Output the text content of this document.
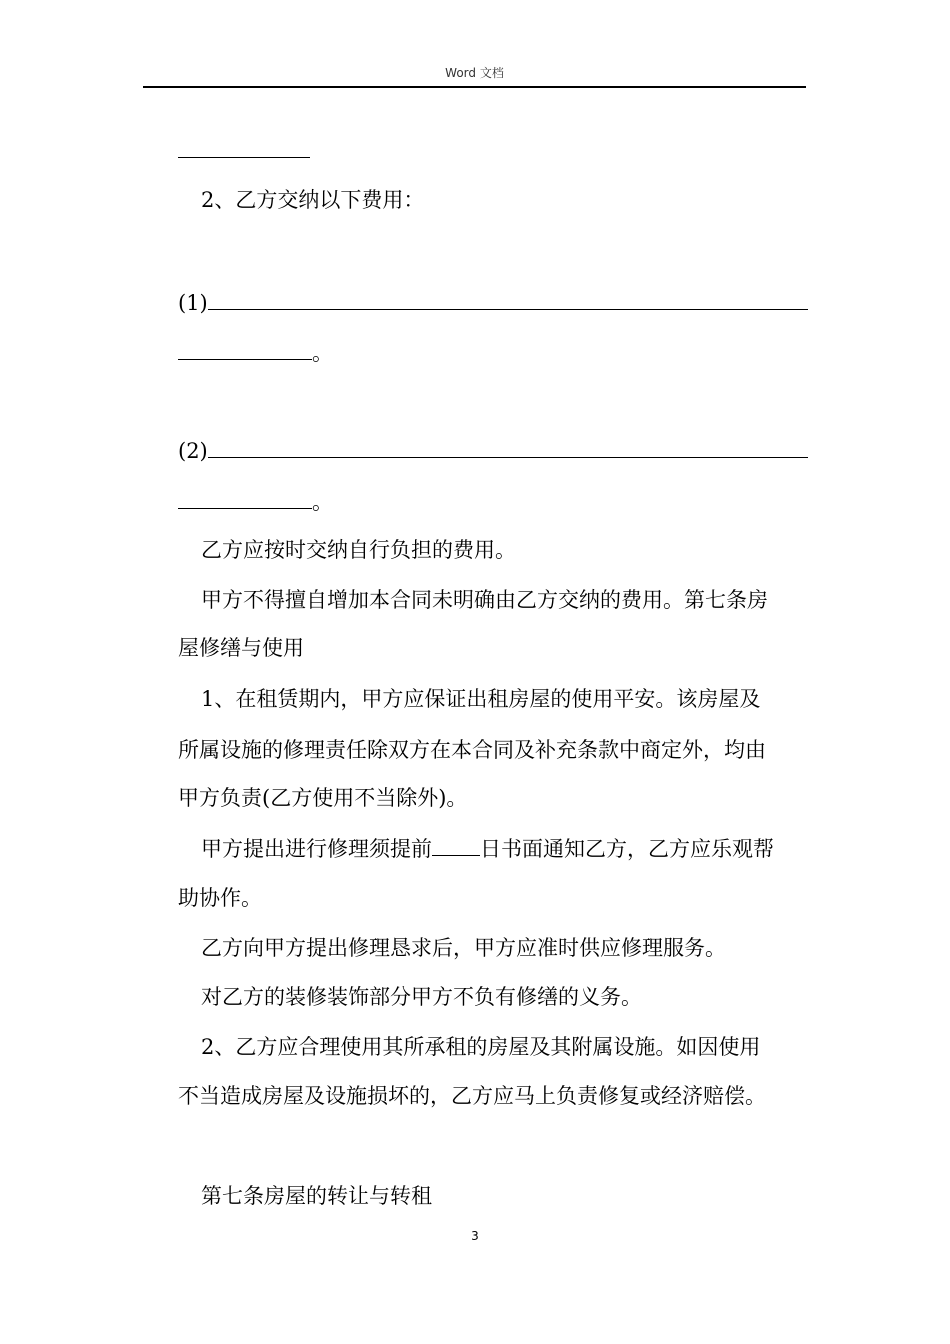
Word 文档
2、乙方交纳以下费用：
(1)
。
(2)
。
乙方应按时交纳自行负担的费用。
甲方不得擅自增加本合同未明确由乙方交纳的费用。第七条房
屋修缮与使用
1、在租赁期内，甲方应保证出租房屋的使用平安。该房屋及
所属设施的修理责任除双方在本合同及补充条款中商定外，均由
甲方负责(乙方使用不当除外)。
甲方提出进行修理须提前 日书面通知乙方，乙方应乐观帮
助协作。
乙方向甲方提出修理恳求后，甲方应准时供应修理服务。
对乙方的装修装饰部分甲方不负有修缮的义务。
2、乙方应合理使用其所承租的房屋及其附属设施。如因使用
不当造成房屋及设施损坏的，乙方应马上负责修复或经济赔偿。
第七条房屋的转让与转租
3
